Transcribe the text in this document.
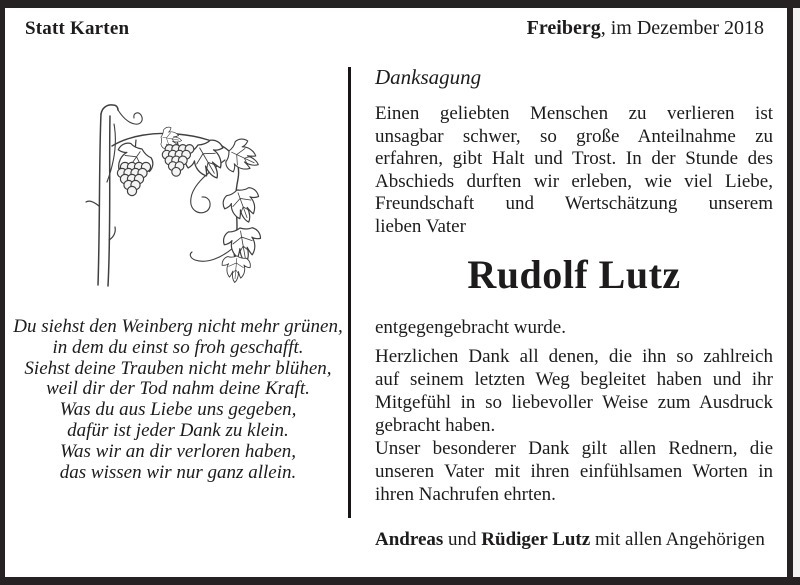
Statt Karten	Freiberg, im Dezember 2018
Du siehst den Weinberg nicht mehr grünen,
in dem du einst so froh geschafft.
Siehst deine Trauben nicht mehr blühen,
weil dir der Tod nahm deine Kraft.
Was du aus Liebe uns gegeben,
dafür ist jeder Dank zu klein.
Was wir an dir verloren haben,
das wissen wir nur ganz allein.
Danksagung
Einen geliebten Menschen zu verlieren ist
unsagbar schwer, so große Anteilnahme zu
erfahren, gibt Halt und Trost. In der Stunde des
Abschieds durften wir erleben, wie viel Liebe,
Freundschaft und Wertschätzung unserem
lieben Vater
Rudolf Lutz
entgegengebracht wurde.
Herzlichen Dank all denen, die ihn so zahlreich
auf seinem letzten Weg begleitet haben und ihr
Mitgefühl in so liebevoller Weise zum Ausdruck
gebracht haben.
Unser besonderer Dank gilt allen Rednern, die
unseren Vater mit ihren einfühlsamen Worten in
ihren Nachrufen ehrten.
Andreas und Rüdiger Lutz mit allen Angehörigen
